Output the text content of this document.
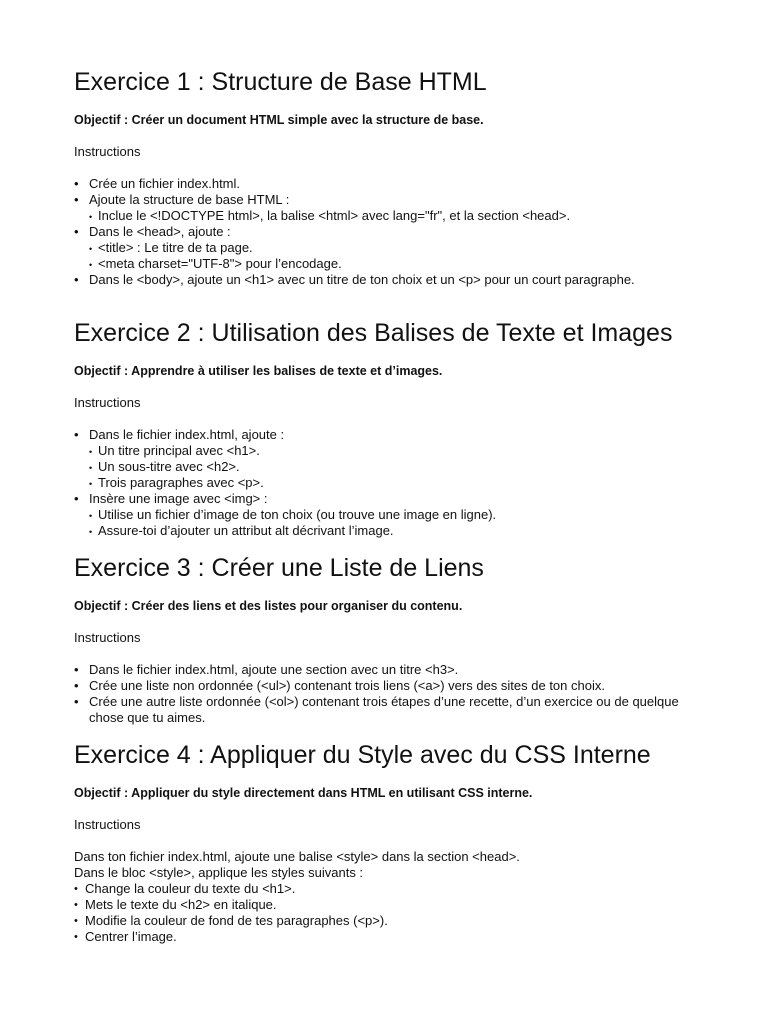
Exercice 1 : Structure de Base HTML

Objectif : Créer un document HTML simple avec la structure de base.

Instructions

• Crée un fichier index.html.
• Ajoute la structure de base HTML :
• Inclue le <!DOCTYPE html>, la balise <html> avec lang="fr", et la section <head>.
• Dans le <head>, ajoute :
• <title> : Le titre de ta page.
• <meta charset="UTF-8"> pour l’encodage.
• Dans le <body>, ajoute un <h1> avec un titre de ton choix et un <p> pour un court paragraphe.
Exercice 2 : Utilisation des Balises de Texte et Images

Objectif : Apprendre à utiliser les balises de texte et d’images.

Instructions

• Dans le fichier index.html, ajoute :
• Un titre principal avec <h1>.
• Un sous-titre avec <h2>.
• Trois paragraphes avec <p>.
• Insère une image avec <img> :
• Utilise un fichier d’image de ton choix (ou trouve une image en ligne).
• Assure-toi d’ajouter un attribut alt décrivant l’image.
Exercice 3 : Créer une Liste de Liens

Objectif : Créer des liens et des listes pour organiser du contenu.

Instructions

• Dans le fichier index.html, ajoute une section avec un titre <h3>.
• Crée une liste non ordonnée (<ul>) contenant trois liens (<a>) vers des sites de ton choix.
• Crée une autre liste ordonnée (<ol>) contenant trois étapes d’une recette, d’un exercice ou de quelque chose que tu aimes.
Exercice 4 : Appliquer du Style avec du CSS Interne

Objectif : Appliquer du style directement dans HTML en utilisant CSS interne.

Instructions

Dans ton fichier index.html, ajoute une balise <style> dans la section <head>.
Dans le bloc <style>, applique les styles suivants :
• Change la couleur du texte du <h1>.
• Mets le texte du <h2> en italique.
• Modifie la couleur de fond de tes paragraphes (<p>).
• Centrer l’image.
